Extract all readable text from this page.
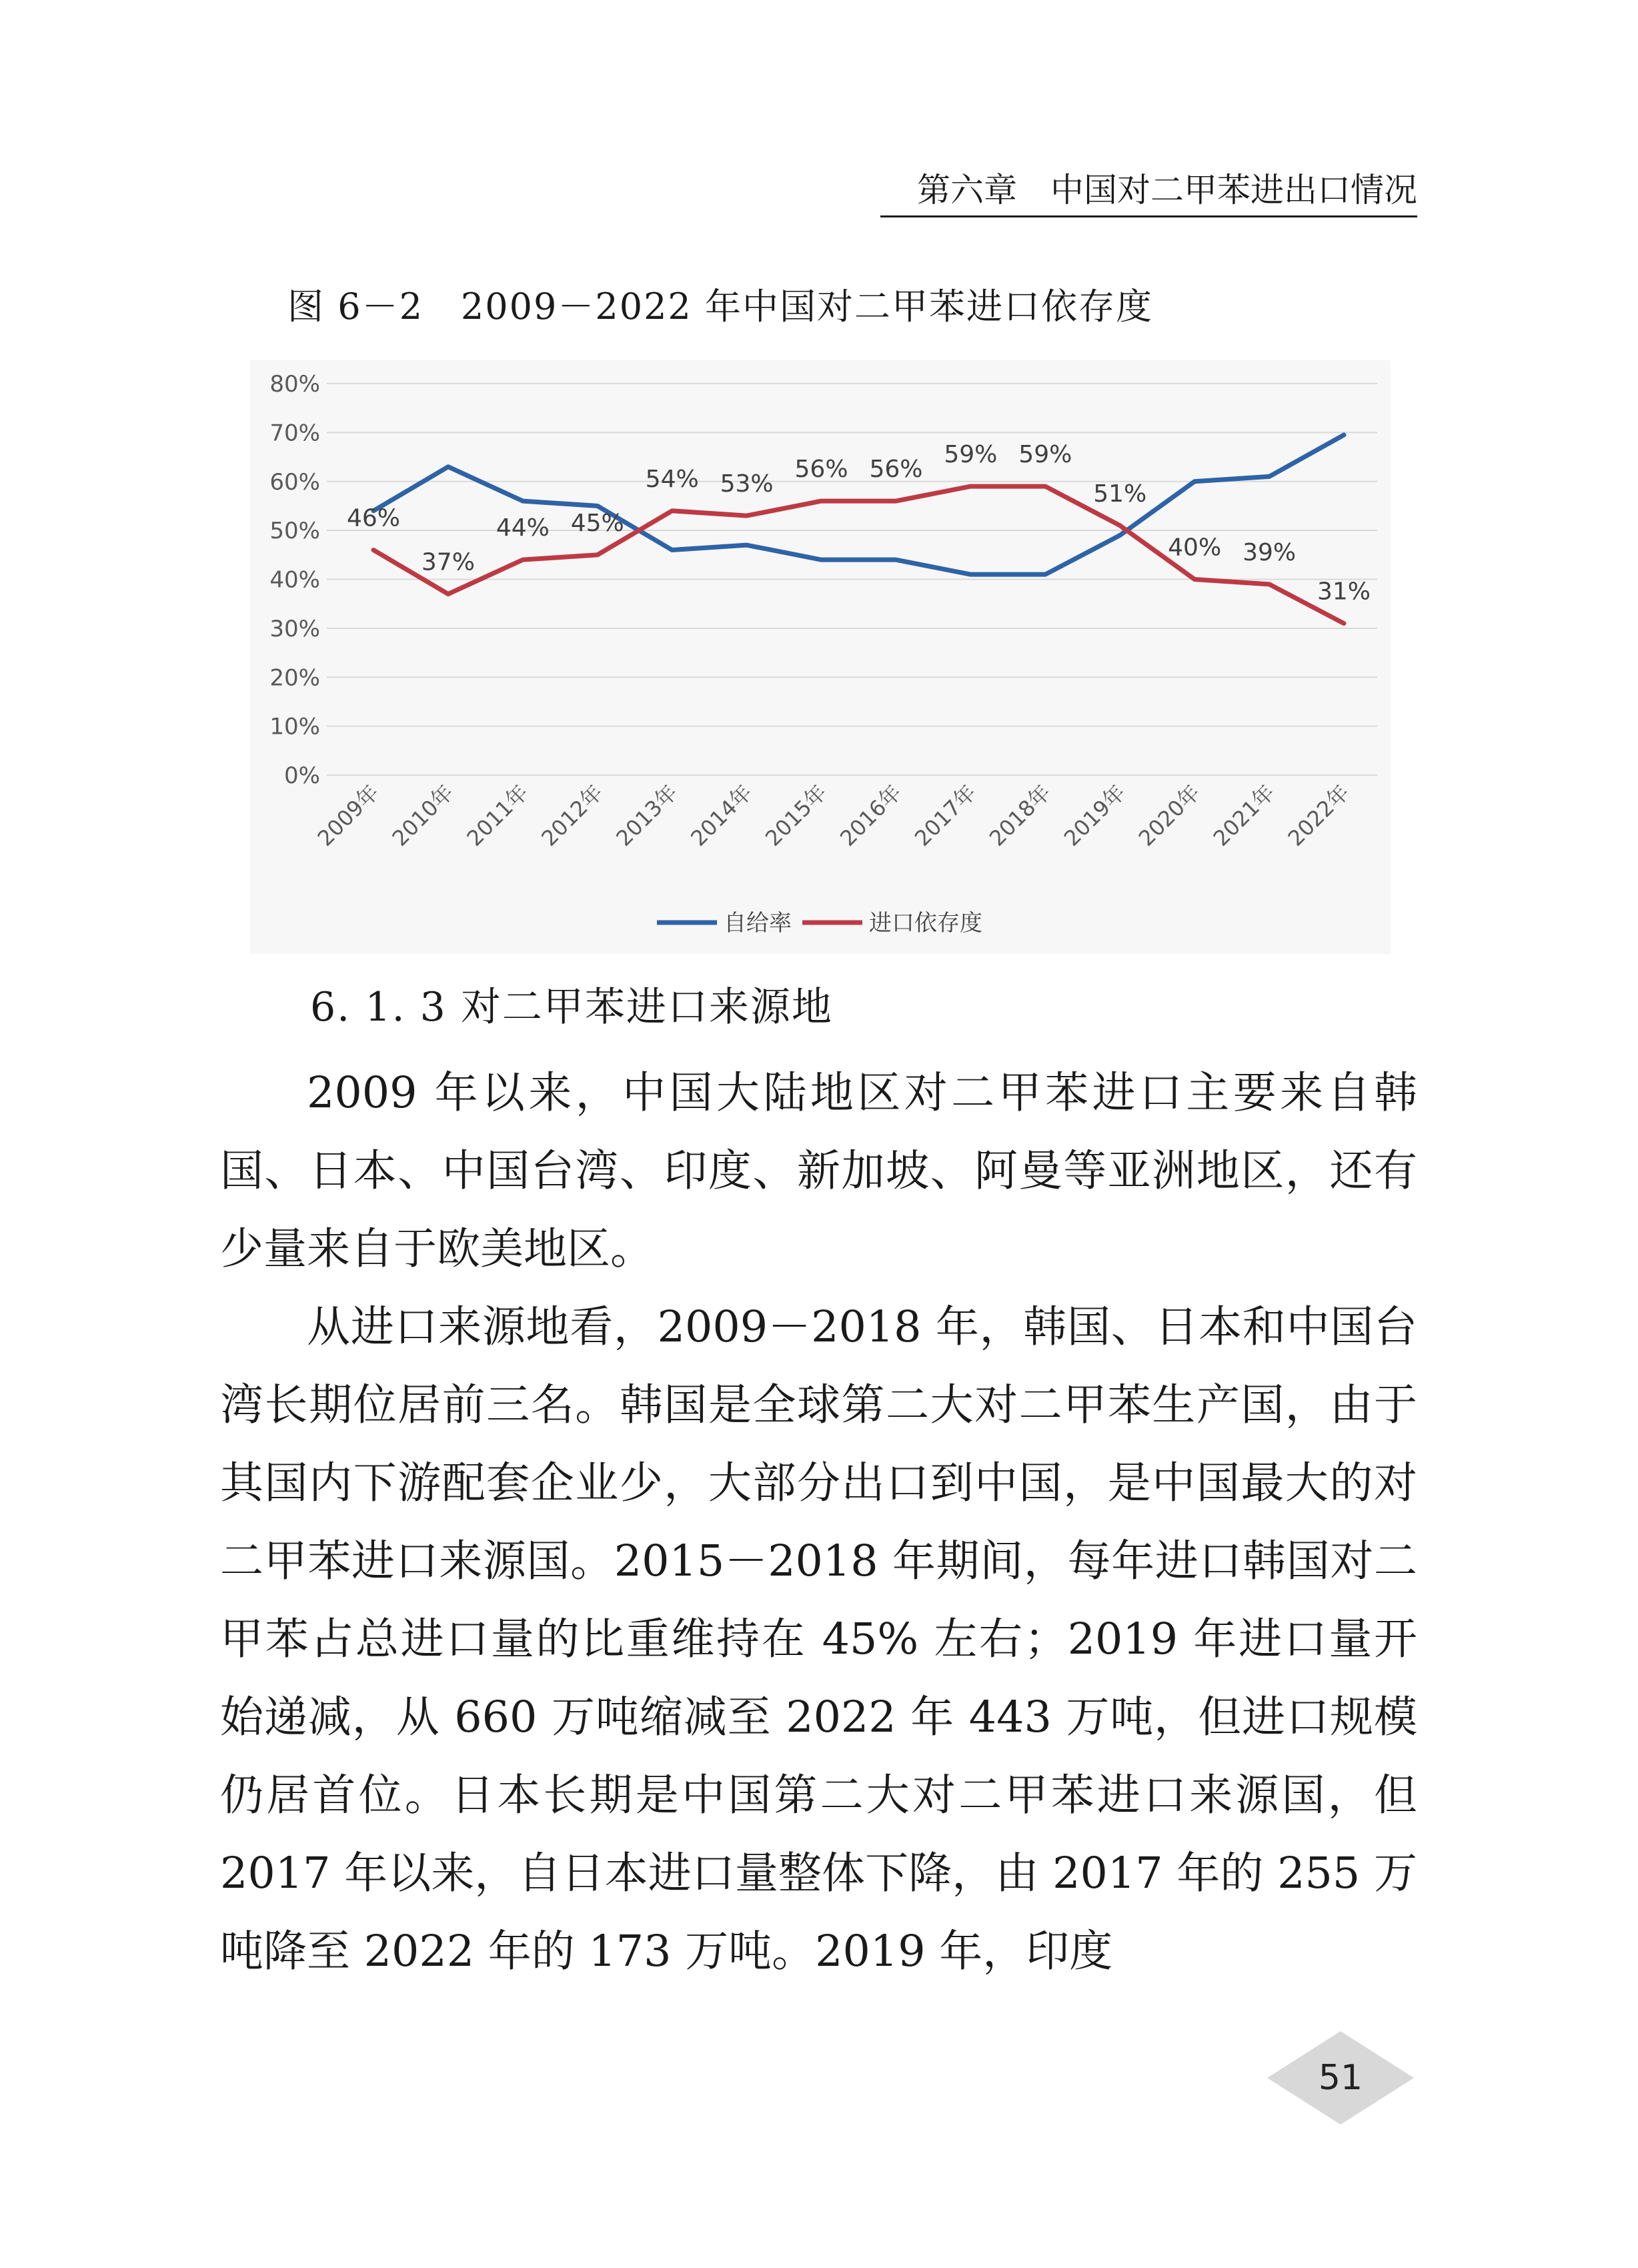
第六章　中国对二甲苯进出口情况
图 6－2　2009－2022 年中国对二甲苯进口依存度
0%
10%
20%
30%
40%
50%
60%
70%
80%
2009年 2010年 2011年 2012年 2013年 2014年 2015年 2016年 2017年 2018年 2019年 2020年 2021年 2022年
46%
37%
44% 45%
54% 53%
56% 56%
59% 59%
51%
40% 39%
31%
自给率	进口依存度
6. 1. 3 对二甲苯进口来源地

2009 年以来，中国大陆地区对二甲苯进口主要来自韩国、日本、中国台湾、印度、新加坡、阿曼等亚洲地区，还有少量来自于欧美地区。

从进口来源地看，2009－2018 年，韩国、日本和中国台湾长期位居前三名。韩国是全球第二大对二甲苯生产国，由于其国内下游配套企业少，大部分出口到中国，是中国最大的对二甲苯进口来源国。2015－2018 年期间，每年进口韩国对二甲苯占总进口量的比重维持在 45% 左右；2019 年进口量开始递减，从 660 万吨缩减至 2022 年 443 万吨，但进口规模仍居首位。日本长期是中国第二大对二甲苯进口来源国，但 2017 年以来，自日本进口量整体下降，由 2017 年的 255 万吨降至 2022 年的 173 万吨。2019 年，印度

51
